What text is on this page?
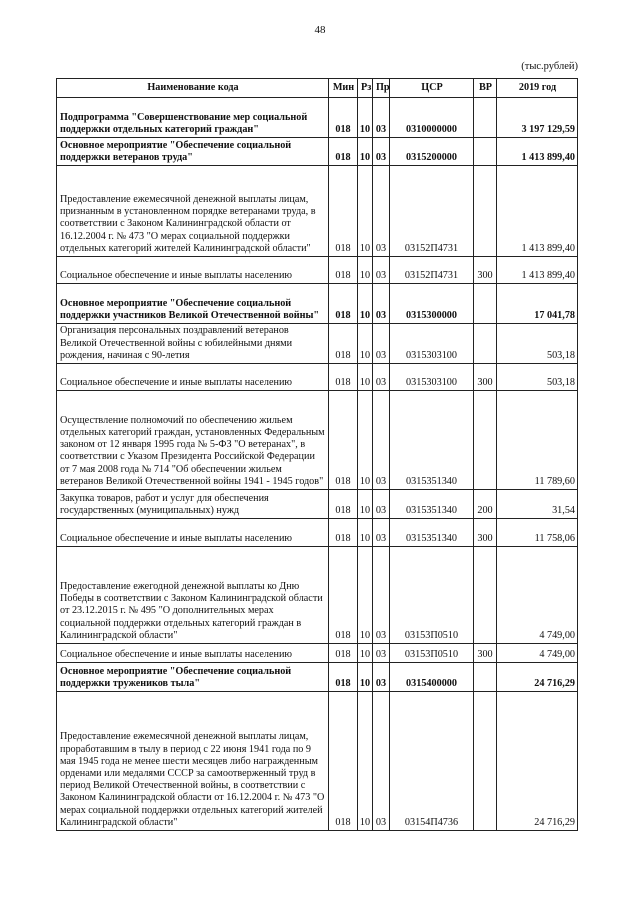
48
(тыс.рублей)
Наименование кода	Мин	Рз	Пр	ЦСР	ВР	2019 год
Подпрограмма "Совершенствование мер социальной поддержки отдельных категорий граждан"	018	10	03	0310000000		3 197 129,59
Основное мероприятие "Обеспечение социальной поддержки ветеранов труда"	018	10	03	0315200000		1 413 899,40
Предоставление ежемесячной денежной выплаты лицам, признанным в установленном порядке ветеранами труда, в соответствии с Законом Калининградской области от 16.12.2004 г. № 473 "О мерах социальной поддержки отдельных категорий жителей Калининградской области"	018	10	03	03152П4731		1 413 899,40
Социальное обеспечение и иные выплаты населению	018	10	03	03152П4731	300	1 413 899,40
Основное мероприятие "Обеспечение социальной поддержки участников Великой Отечественной войны"	018	10	03	0315300000		17 041,78
Организация персональных поздравлений ветеранов Великой Отечественной войны с юбилейными днями рождения, начиная с 90-летия	018	10	03	0315303100		503,18
Социальное обеспечение и иные выплаты населению	018	10	03	0315303100	300	503,18
Осуществление полномочий по обеспечению жильем отдельных категорий граждан, установленных Федеральным законом от 12 января 1995 года № 5-ФЗ "О ветеранах", в соответствии с Указом Президента Российской Федерации от 7 мая 2008 года № 714 "Об обеспечении жильем ветеранов Великой Отечественной войны 1941 - 1945 годов"	018	10	03	0315351340		11 789,60
Закупка товаров, работ и услуг для обеспечения государственных (муниципальных) нужд	018	10	03	0315351340	200	31,54
Социальное обеспечение и иные выплаты населению	018	10	03	0315351340	300	11 758,06
Предоставление ежегодной денежной выплаты ко Дню Победы в соответствии с Законом Калининградской области от 23.12.2015 г. № 495 "О дополнительных мерах социальной поддержки отдельных категорий граждан в Калининградской области"	018	10	03	03153П0510		4 749,00
Социальное обеспечение и иные выплаты населению	018	10	03	03153П0510	300	4 749,00
Основное мероприятие "Обеспечение социальной поддержки тружеников тыла"	018	10	03	0315400000		24 716,29
Предоставление ежемесячной денежной выплаты лицам, проработавшим в тылу в период с 22 июня 1941 года по 9 мая 1945 года не менее шести месяцев либо награжденным орденами или медалями СССР за самоотверженный труд в период Великой Отечественной войны, в соответствии с Законом Калининградской области от 16.12.2004 г. № 473 "О мерах социальной поддержки отдельных категорий жителей Калининградской области"	018	10	03	03154П4736		24 716,29
